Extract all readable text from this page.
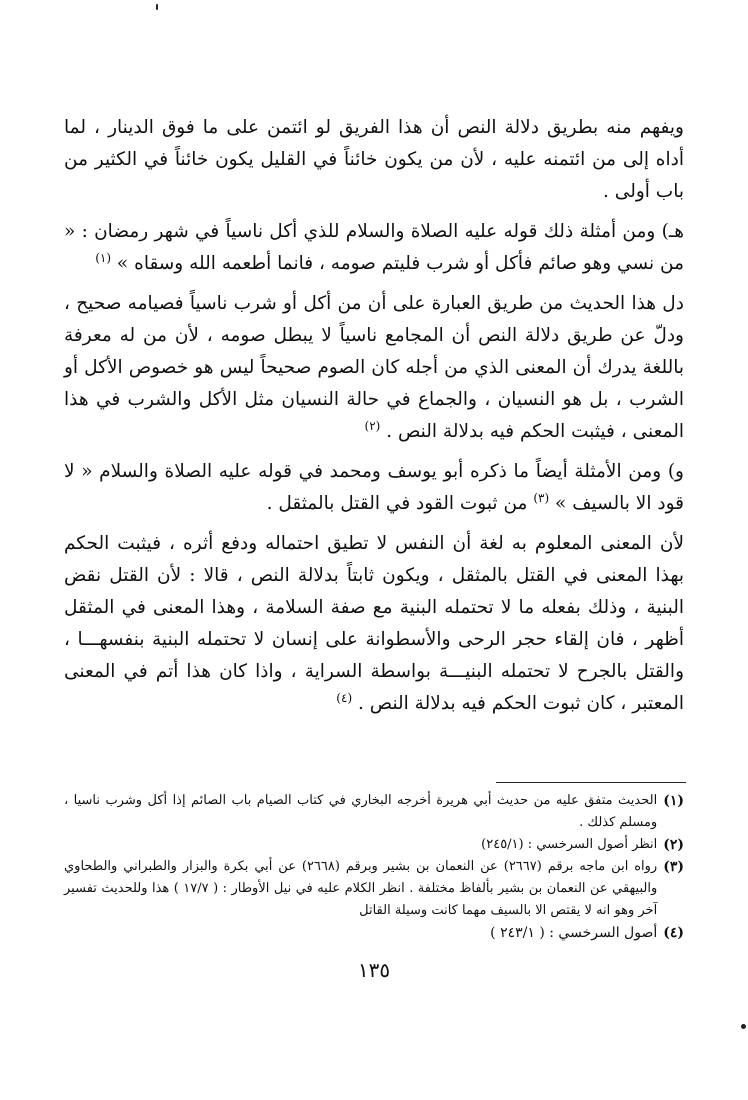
ويفهم منه بطريق دلالة النص أن هذا الفريق لو ائتمن على ما فوق الدينار ، لما أداه إلى من ائتمنه عليه ، لأن من يكون خائناً في القليل يكون خائناً في الكثير من باب أولى .

هـ) ومن أمثلة ذلك قوله عليه الصلاة والسلام للذي أكل ناسياً في شهر رمضان : « من نسي وهو صائم فأكل أو شرب فليتم صومه ، فانما أطعمه الله وسقاه » $^{(١)}$

دل هذا الحديث من طريق العبارة على أن من أكل أو شرب ناسياً فصيامه صحيح ، ودلّ عن طريق دلالة النص أن المجامع ناسياً لا يبطل صومه ، لأن من له معرفة باللغة يدرك أن المعنى الذي من أجله كان الصوم صحيحاً ليس هو خصوص الأكل أو الشرب ، بل هو النسيان ، والجماع في حالة النسيان مثل الأكل والشرب في هذا المعنى ، فيثبت الحكم فيه بدلالة النص . $^{(٢)}$

و) ومن الأمثلة أيضاً ما ذكره أبو يوسف ومحمد في قوله عليه الصلاة والسلام « لا قود الا بالسيف » $^{(٣)}$ من ثبوت القود في القتل بالمثقل .

لأن المعنى المعلوم به لغة أن النفس لا تطيق احتماله ودفع أثره ، فيثبت الحكم بهذا المعنى في القتل بالمثقل ، ويكون ثابتاً بدلالة النص ، قالا : لأن القتل نقض البنية ، وذلك بفعله ما لا تحتمله البنية مع صفة السلامة ، وهذا المعنى في المثقل أظهر ، فان إلقاء حجر الرحى والأسطوانة على إنسان لا تحتمله البنية بنفسهـــا ، والقتل بالجرح لا تحتمله البنيـــة بواسطة السراية ، واذا كان هذا أتم في المعنى المعتبر ، كان ثبوت الحكم فيه بدلالة النص . $^{(٤)}$

(١)
الحديث متفق عليه من حديث أبي هريرة أخرجه البخاري في كتاب الصيام باب الصائم إذا أكل وشرب ناسيا ، ومسلم كذلك .
(٢)
انظر أصول السرخسي : (٢٤٥/١)
(٣)
رواه ابن ماجه برقم (٢٦٦٧) عن النعمان بن بشير وبرقم (٢٦٦٨) عن أبي بكرة والبزار والطبراني والطحاوي والبيهقي عن النعمان بن بشير بألفاظ مختلفة . انظر الكلام عليه في نيل الأوطار : ( ١٧/٧ ) هذا وللحديث تفسير آخر وهو انه لا يقتص الا بالسيف مهما كانت وسيلة القاتل
(٤)
أصول السرخسي : ( ٢٤٣/١ )
١٣٥
